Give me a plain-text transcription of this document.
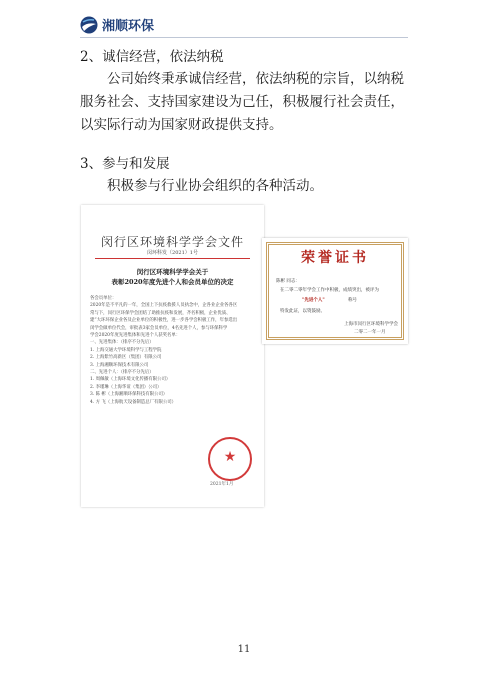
湘顺环保
2、诚信经营，依法纳税
公司始终秉承诚信经营，依法纳税的宗旨，以纳税服务社会、支持国家建设为己任，积极履行社会责任，以实际行动为国家财政提供支持。
3、参与和发展
积极参与行业协会组织的各种活动。
闵行区环境科学学会文件
闵环科发（2021）1号
闵行区环境科学学会关于
表彰2020年度先进个人和会员单位的决定
各会员单位：
2020年是不平凡的一年，全国上下抗疫救援人员执念中，企各业企业各各区
常与下，闵行区环保学会团结了助推抗疫和发展，齐名积极，企业优质、
建“大环环保企业各及企业单位的积极性，进一步各学会积极工作，年参选出
闵学会做单位代会，审批表3家会员单位，4名先进个人，参与环保科学
学会2020年度先进集体和先进个人获奖名单：
一、先进集体：（排序不分先后）
1. 上海交通大学环境科学与工程学院
2. 上海紫竹高新区（集团）有限公司
3. 上海湘顺环保技术有限公司
二、先进个人：（排序不分先后）
1. 周佩敏（上海环境文化传播有限公司）
2. 李瑾琳（上海华谊（集团）公司）
3. 陈 彬（上海湘顺环保科技有限公司）
4. 方 飞（上海航天设备制造总厂有限公司）
★
2021年1月
荣誉证书
陈彬 同志：
在二零二零年学会工作中积极，成绩突出，被评为
"先进个人"	称号
特发此证，以资鼓励。
上海市闵行区环境科学学会
二零二一年一月
11
